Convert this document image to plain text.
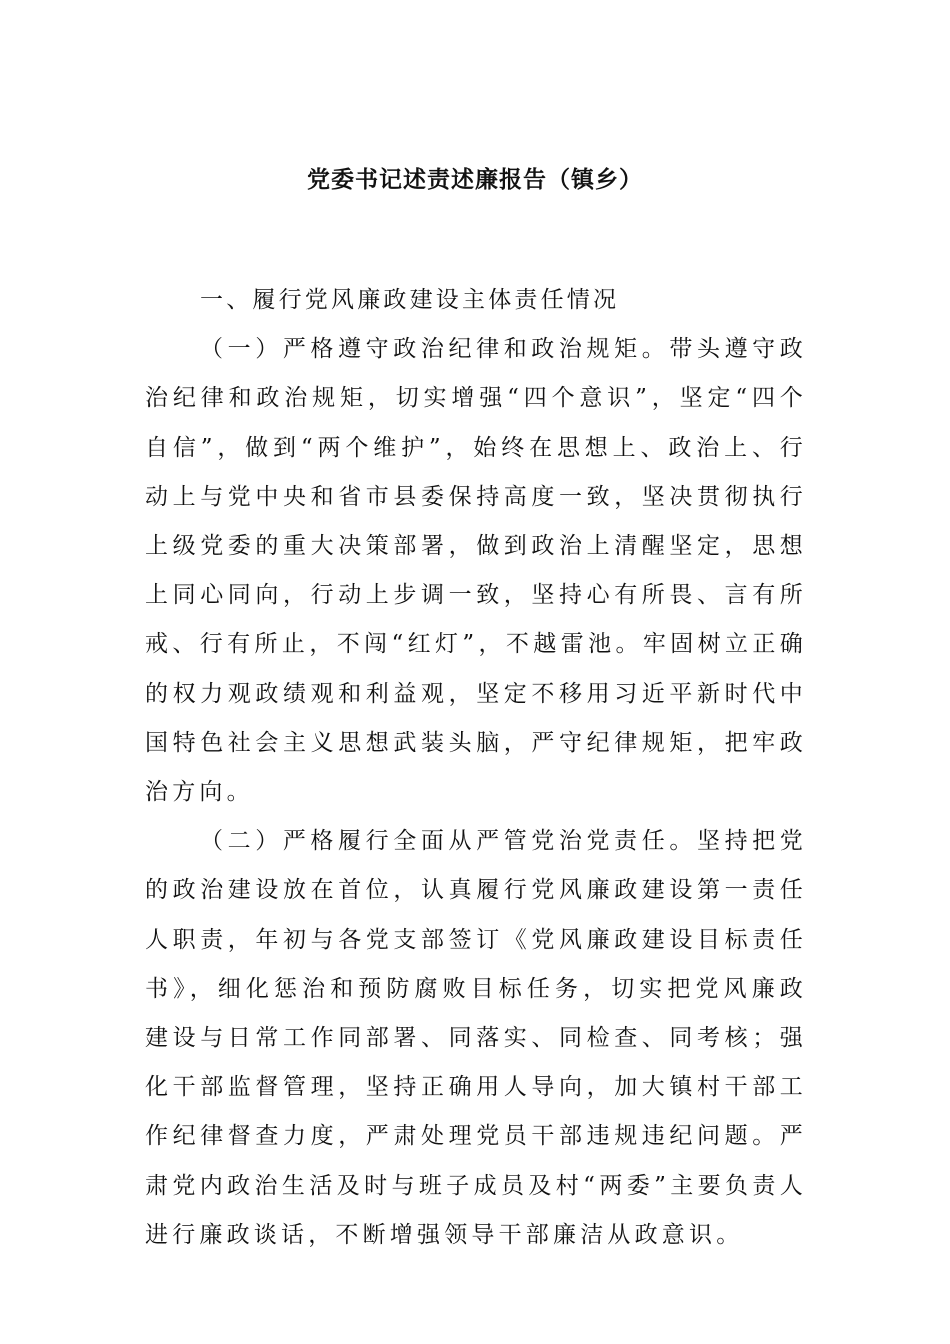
党委书记述责述廉报告（镇乡）

一、履行党风廉政建设主体责任情况

（一）严格遵守政治纪律和政治规矩。带头遵守政治纪律和政治规矩，切实增强“四个意识”，坚定“四个自信”，做到“两个维护”，始终在思想上、政治上、行动上与党中央和省市县委保持高度一致，坚决贯彻执行上级党委的重大决策部署，做到政治上清醒坚定，思想上同心同向，行动上步调一致，坚持心有所畏、言有所戒、行有所止，不闯“红灯”，不越雷池。牢固树立正确的权力观政绩观和利益观，坚定不移用习近平新时代中国特色社会主义思想武装头脑，严守纪律规矩，把牢政治方向。

（二）严格履行全面从严管党治党责任。坚持把党的政治建设放在首位，认真履行党风廉政建设第一责任人职责，年初与各党支部签订《党风廉政建设目标责任书》，细化惩治和预防腐败目标任务，切实把党风廉政建设与日常工作同部署、同落实、同检查、同考核；强化干部监督管理，坚持正确用人导向，加大镇村干部工作纪律督查力度，严肃处理党员干部违规违纪问题。严肃党内政治生活及时与班子成员及村“两委”主要负责人进行廉政谈话，不断增强领导干部廉洁从政意识。
